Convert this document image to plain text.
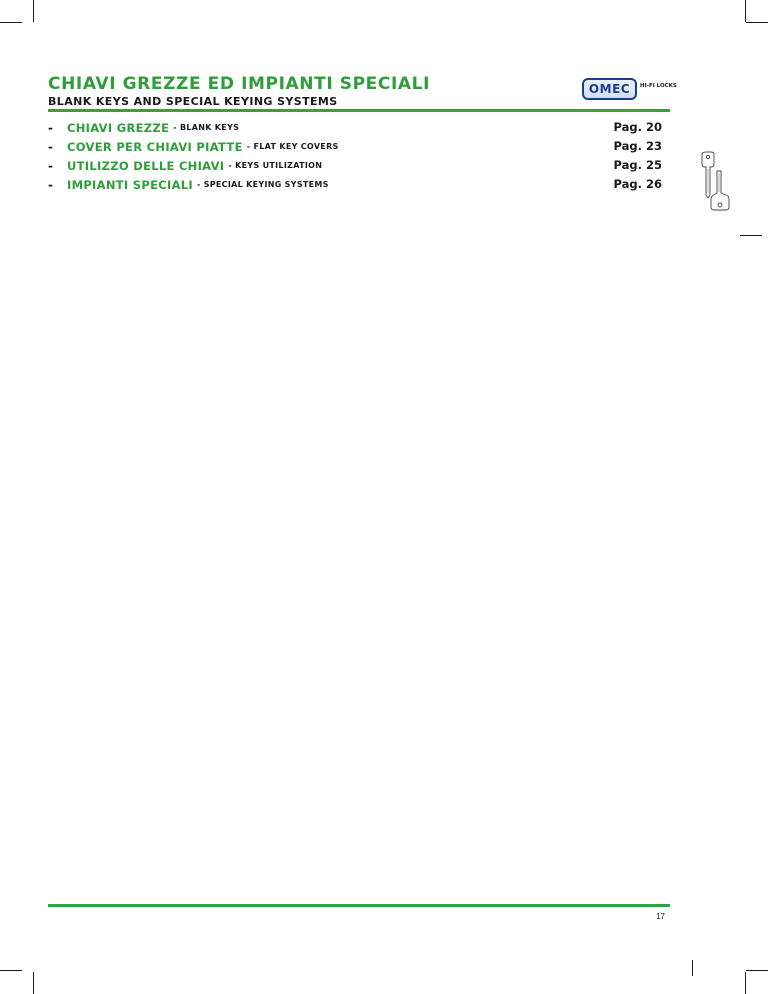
CHIAVI GREZZE ED IMPIANTI SPECIALI
BLANK KEYS AND SPECIAL KEYING SYSTEMS
OMEC HI-FI LOCKS
-	CHIAVI GREZZE - BLANK KEYS	Pag. 20
-	COVER PER CHIAVI PIATTE - FLAT KEY COVERS	Pag. 23
-	UTILIZZO DELLE CHIAVI - KEYS UTILIZATION	Pag. 25
-	IMPIANTI SPECIALI - SPECIAL KEYING SYSTEMS	Pag. 26
17
